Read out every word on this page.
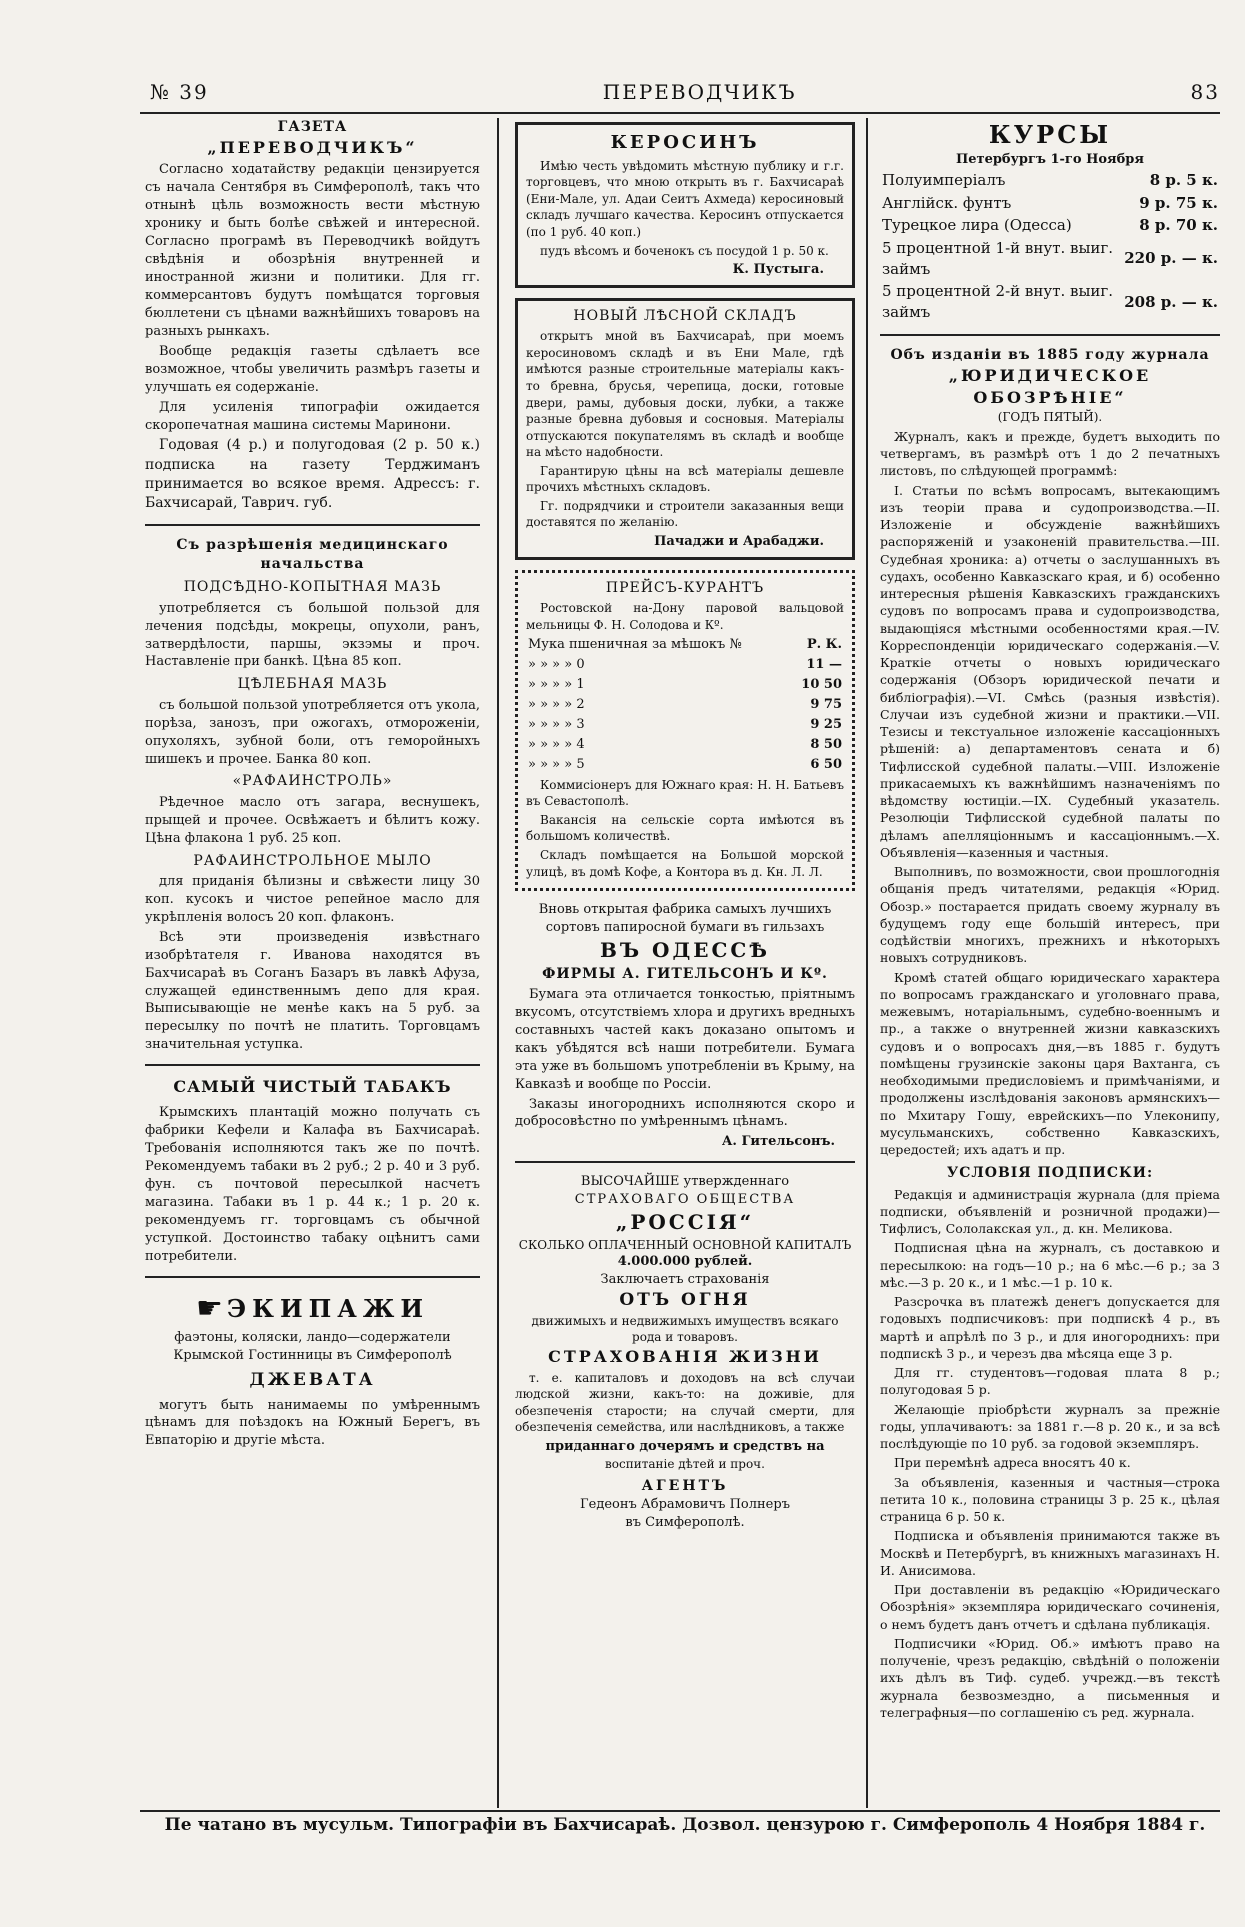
№ 39	ПЕРЕВОДЧИКЪ	83
ГАЗЕТА
„ПЕРЕВОДЧИКЪ“
Согласно ходатайству редакціи цензируется съ начала Сентября въ Симферополѣ, такъ что отнынѣ цѣль возможность вести мѣстную хронику и быть болѣе свѣжей и интересной. Согласно програмѣ въ Переводчикѣ войдутъ свѣдѣнія и обозрѣнія внутренней и иностранной жизни и политики. Для гг. коммерсантовъ будутъ помѣщатся торговыя бюллетени съ цѣнами важнѣйшихъ товаровъ на разныхъ рынкахъ.
Вообще редакція газеты сдѣлаетъ все возможное, чтобы увеличить размѣръ газеты и улучшать ея содержаніе.
Для усиленія типографіи ожидается скоропечатная машина системы Маринони.
Годовая (4 р.) и полугодовая (2 р. 50 к.) подписка на газету Терджиманъ принимается во всякое время. Адрессъ: г. Бахчисарай, Таврич. губ.
Съ разрѣшенія медицинскаго начальства
ПОДСѢДНО-КОПЫТНАЯ МАЗЬ
употребляется съ большой пользой для лечения подсѣды, мокрецы, опухоли, ранъ, затвердѣлости, паршы, экзэмы и проч. Наставленіе при банкѣ. Цѣна 85 коп.
ЦѢЛЕБНАЯ МАЗЬ
съ большой пользой употребляется отъ укола, порѣза, занозъ, при ожогахъ, отмороженіи, опухоляхъ, зубной боли, отъ геморойныхъ шишекъ и прочее. Банка 80 коп.
«РАФАИНСТРОЛЬ»
Рѣдечное масло отъ загара, веснушекъ, прыщей и прочее. Освѣжаетъ и бѣлитъ кожу. Цѣна флакона 1 руб. 25 коп.
РАФАИНСТРОЛЬНОЕ МЫЛО
для приданія бѣлизны и свѣжести лицу 30 коп. кусокъ и чистое репейное масло для укрѣпленія волосъ 20 коп. флаконъ.
Всѣ эти произведенія извѣстнаго изобрѣтателя г. Иванова находятся въ Бахчисараѣ въ Соганъ Базаръ въ лавкѣ Афуза, служащей единственнымъ депо для края. Выписывающіе не менѣе какъ на 5 руб. за пересылку по почтѣ не платить. Торговцамъ значительная уступка.
САМЫЙ ЧИСТЫЙ ТАБАКЪ
Крымскихъ плантацій можно получать съ фабрики Кефели и Калафа въ Бахчисараѣ. Требованія исполняются такъ же по почтѣ. Рекомендуемъ табаки въ 2 руб.; 2 р. 40 и 3 руб. фун. съ почтовой пересылкой насчетъ магазина. Табаки въ 1 р. 44 к.; 1 р. 20 к. рекомендуемъ гг. торговцамъ съ обычной уступкой. Достоинство табаку оцѣнитъ сами потребители.
☛ ЭКИПАЖИ
фаэтоны, коляски, ландо—содержатели Крымской Гостинницы въ Симферополѣ
ДЖЕВАТА
могутъ быть нанимаемы по умѣреннымъ цѣнамъ для поѣздокъ на Южный Берегъ, въ Евпаторію и другіе мѣста.
КЕРОСИНЪ
Имѣю честь увѣдомить мѣстную публику и г.г. торговцевъ, что мною открыть въ г. Бахчисараѣ (Ени-Мале, ул. Адаи Сеитъ Ахмеда) керосиновый складъ лучшаго качества. Керосинъ отпускается (по 1 руб. 40 коп.)
пудъ вѣсомъ и боченокъ съ посудой 1 р. 50 к.
К. Пустыга.
НОВЫЙ ЛѢСНОЙ СКЛАДЪ
открытъ мной въ Бахчисараѣ, при моемъ керосиновомъ складѣ и въ Ени Мале, гдѣ имѣются разные строительные матеріалы какъ-то бревна, брусья, черепица, доски, готовые двери, рамы, дубовыя доски, лубки, а также разные бревна дубовыя и сосновыя. Матеріалы отпускаются покупателямъ въ складѣ и вообще на мѣсто надобности.
Гарантирую цѣны на всѣ матеріалы дешевле прочихъ мѣстныхъ складовъ.
Гг. подрядчики и строители заказанныя вещи доставятся по желанію.
Пачаджи и Арабаджи.
ПРЕЙСЪ-КУРАНТЪ
Ростовской на-Дону паровой вальцовой мельницы Ф. Н. Солодова и Кº.
Мука пшеничная за мѣшокъ №	Р. К.
» » » » 0	11 —
» » » » 1	10 50
» » » » 2	9 75
» » » » 3	9 25
» » » » 4	8 50
» » » » 5	6 50
Коммисіонеръ для Южнаго края: Н. Н. Батьевъ въ Севастополѣ.
Вакансія на сельскіе сорта имѣются въ большомъ количествѣ.
Складъ помѣщается на Большой морской улицѣ, въ домѣ Кофе, а Контора въ д. Кн. Л. Л.
Вновь открытая фабрика самыхъ лучшихъ сортовъ папиросной бумаги въ гильзахъ
ВЪ ОДЕССѢ
ФИРМЫ А. ГИТЕЛЬСОНЪ И Кº.
Бумага эта отличается тонкостью, пріятнымъ вкусомъ, отсутствіемъ хлора и другихъ вредныхъ составныхъ частей какъ доказано опытомъ и какъ убѣдятся всѣ наши потребители. Бумага эта уже въ большомъ употребленіи въ Крыму, на Кавказѣ и вообще по Россіи.
Заказы иногороднихъ исполняются скоро и добросовѣстно по умѣреннымъ цѣнамъ.
А. Гительсонъ.
ВЫСОЧАЙШЕ утвержденнаго
СТРАХОВАГО ОБЩЕСТВА
„РОССІЯ“
СКОЛЬКО ОПЛАЧЕННЫЙ ОСНОВНОЙ КАПИТАЛЪ
4.000.000 рублей.
Заключаетъ страхованія
ОТЪ ОГНЯ
движимыхъ и недвижимыхъ имуществъ всякаго рода и товаровъ.
СТРАХОВАНІЯ ЖИЗНИ
т. е. капиталовъ и доходовъ на всѣ случаи людской жизни, какъ-то: на доживіе, для обезпеченія старости; на случай смерти, для обезпеченія семейства, или наслѣдниковъ, а также
приданнаго дочерямъ и средствъ на
воспитаніе дѣтей и проч.
АГЕНТЪ
Гедеонъ Абрамовичъ Полнеръ
въ Симферополѣ.
КУРСЫ
Петербургъ 1-го Ноября
Полуимперіалъ	8 р. 5 к.
Англійск. фунтъ	9 р. 75 к.
Турецкое лира (Одесса)	8 р. 70 к.
5 процентной 1-й внут. выиг. займъ	220 р. — к.
5 процентной 2-й внут. выиг. займъ	208 р. — к.
Объ изданіи въ 1885 году журнала
„ЮРИДИЧЕСКОЕ ОБОЗРѢНІЕ“
(ГОДЪ ПЯТЫЙ).
Журналъ, какъ и прежде, будетъ выходить по четвергамъ, въ размѣрѣ отъ 1 до 2 печатныхъ листовъ, по слѣдующей программѣ:
I. Статьи по всѣмъ вопросамъ, вытекающимъ изъ теоріи права и судопроизводства.—II. Изложеніе и обсужденіе важнѣйшихъ распоряженій и узаконеній правительства.—III. Судебная хроника: а) отчеты о заслушанныхъ въ судахъ, особенно Кавказскаго края, и б) особенно интересныя рѣшенія Кавказскихъ гражданскихъ судовъ по вопросамъ права и судопроизводства, выдающіяся мѣстными особенностями края.—IV. Корреспонденціи юридическаго содержанія.—V. Краткіе отчеты о новыхъ юридическаго содержанія (Обзоръ юридической печати и библіографія).—VI. Смѣсь (разныя извѣстія). Случаи изъ судебной жизни и практики.—VII. Тезисы и текстуальное изложеніе кассаціонныхъ рѣшеній: а) департаментовъ сената и б) Тифлисской судебной палаты.—VIII. Изложеніе прикасаемыхъ къ важнѣйшимъ назначеніямъ по вѣдомству юстиціи.—IX. Судебный указатель. Резолюціи Тифлисской судебной палаты по дѣламъ апелляціоннымъ и кассаціоннымъ.—X. Объявленія—казенныя и частныя.
Выполнивъ, по возможности, свои прошлогоднія общанія предъ читателями, редакція «Юрид. Обозр.» постарается придать своему журналу въ будущемъ году еще большій интересъ, при содѣйствіи многихъ, прежнихъ и нѣкоторыхъ новыхъ сотрудниковъ.
Кромѣ статей общаго юридическаго характера по вопросамъ гражданскаго и уголовнаго права, межевымъ, нотаріальнымъ, судебно-военнымъ и пр., а также о внутренней жизни кавказскихъ судовъ и о вопросахъ дня,—въ 1885 г. будутъ помѣщены грузинскіе законы царя Вахтанга, съ необходимыми предисловіемъ и примѣчаніями, и продолжены изслѣдованія законовъ армянскихъ—по Мхитару Гошу, еврейскихъ—по Улеконипу, мусульманскихъ, собственно Кавказскихъ, цередостей; ихъ адатъ и пр.
УСЛОВІЯ ПОДПИСКИ:
Редакція и администрація журнала (для пріема подписки, объявленій и розничной продажи)—Тифлисъ, Сололакская ул., д. кн. Меликова.
Подписная цѣна на журналъ, съ доставкою и пересылкою: на годъ—10 р.; на 6 мѣс.—6 р.; за 3 мѣс.—3 р. 20 к., и 1 мѣс.—1 р. 10 к.
Разсрочка въ платежѣ денегъ допускается для годовыхъ подписчиковъ: при подпискѣ 4 р., въ мартѣ и апрѣлѣ по 3 р., и для иногороднихъ: при подпискѣ 3 р., и черезъ два мѣсяца еще 3 р.
Для гг. студентовъ—годовая плата 8 р.; полугодовая 5 р.
Желающіе пріобрѣсти журналъ за прежніе годы, уплачиваютъ: за 1881 г.—8 р. 20 к., и за всѣ послѣдующіе по 10 руб. за годовой экземпляръ.
При перемѣнѣ адреса вносятъ 40 к.
За объявленія, казенныя и частныя—строка петита 10 к., половина страницы 3 р. 25 к., цѣлая страница 6 р. 50 к.
Подписка и объявленія принимаются также въ Москвѣ и Петербургѣ, въ книжныхъ магазинахъ Н. И. Анисимова.
При доставленіи въ редакцію «Юридическаго Обозрѣнія» экземпляра юридическаго сочиненія, о немъ будетъ данъ отчетъ и сдѣлана публикація.
Подписчики «Юрид. Об.» имѣютъ право на полученіе, чрезъ редакцію, свѣдѣній о положеніи ихъ дѣлъ въ Тиф. судеб. учрежд.—въ текстѣ журнала безвозмездно, а письменныя и телеграфныя—по соглашенію съ ред. журнала.
Пе чатано въ мусульм. Типографіи въ Бахчисараѣ. Дозвол. цензурою г. Симферополь 4 Ноября 1884 г.
